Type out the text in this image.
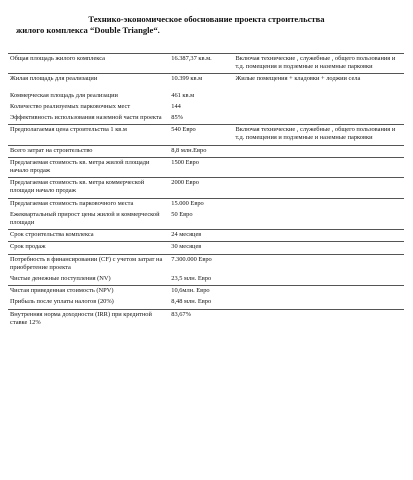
Технико-экономическое обоснование проекта строительства
жилого комплекса “Double Triangle“.
Общая площадь жилого комплекса	16.387,37 кв.м.	Включая технические , служебные , общего пользования и т.д. помещения и подземные и наземные парковки
Жилая площадь для реализации	10.399 кв.м	Жилые помещения + кладовки + лоджии села
Коммерческая площадь для реализации	461 кв.м	
Количество реализуемых парковочных мест	144	
Эффективность использования наземной части проекта	85%	
Предполагаемая цена строительства 1 кв.м	540 Евро	Включая технические , служебные , общего пользования и т.д. помещения и подземные и наземные парковки
Всего затрат на строительство	8,8 млн.Евро	
Предлагаемая стоимость кв. метра жилой площади начало продаж	1500 Евро	
Предлагаемая стоимость кв. метра коммерческой площади начало продаж	2000 Евро	
Предлагаемая стоимость парковочного места	15.000 Евро	
Ежеквартальный прирост цены жилой и коммерческой площади	50 Евро	
Срок строительства комплекса	24 месяцев	
Срок продаж	30 месяцев	
Потребность в финансировании (CF) с учетом затрат на приобретение проекта	7.300.000 Евро	
Чистые денежные поступления (NV)	23,5 млн. Евро	
Чистая приведенная стоимость (NPV)	10,6млн. Евро	
Прибыль после уплаты налогов (20%)	8,48 млн. Евро	
Внутренняя норма доходности (IRR) при кредитной ставке 12%	83,67%	
